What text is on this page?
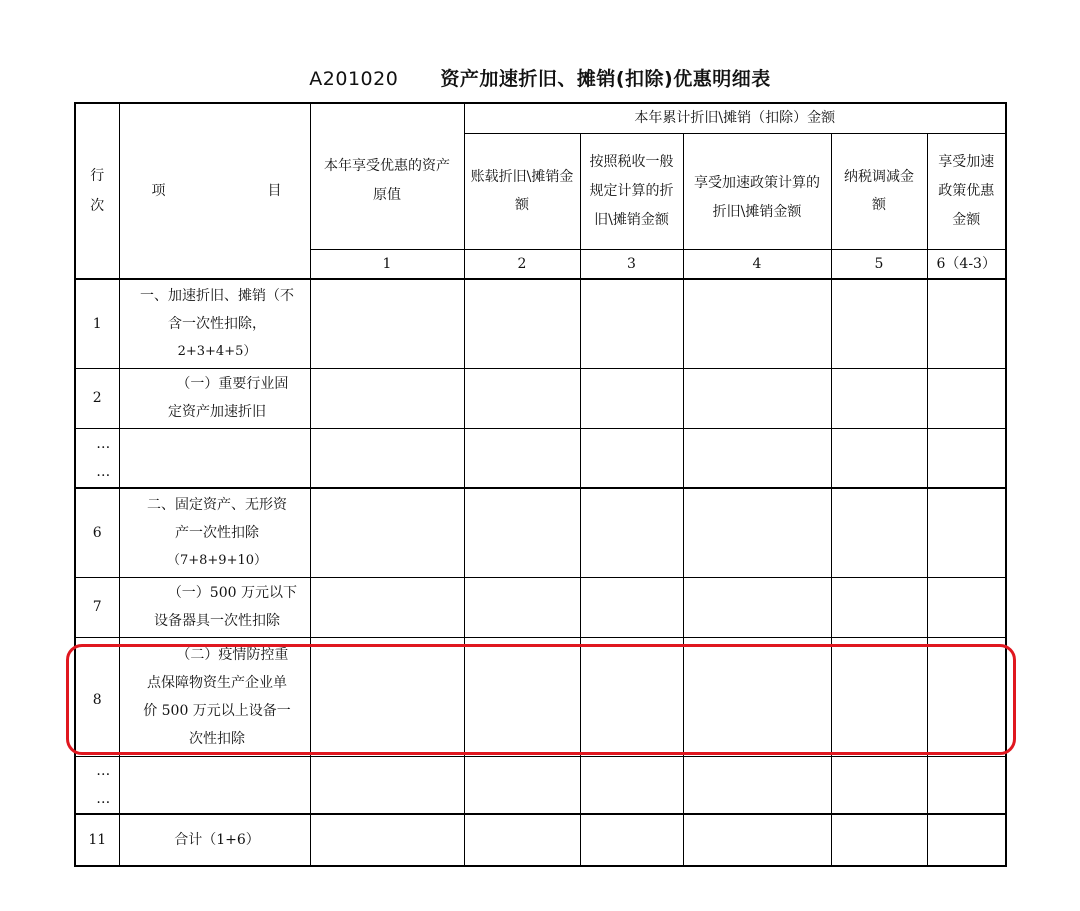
A201020 资产加速折旧、摊销(扣除)优惠明细表
行次	项 目	本年享受优惠的资产原值	本年累计折旧\摊销（扣除）金额				

			账载折旧\摊销金额	按照税收一般规定计算的折旧\摊销金额	享受加速政策计算的折旧\摊销金额	纳税调减金额	享受加速政策优惠金额

		1	2	3	4	5	6（4-3）
1	一、加速折旧、摊销（不
含一次性扣除，
2+3+4+5）						

2	（一）重要行业固
定资产加速折旧						

…
…							
6	二、固定资产、无形资
产一次性扣除
（7+8+9+10）						

7	（一）500 万元以下
设备器具一次性扣除						

8	（二）疫情防控重
点保障物资生产企业单
价 500 万元以上设备一
次性扣除						

…
…							
11	合计（1+6）						
